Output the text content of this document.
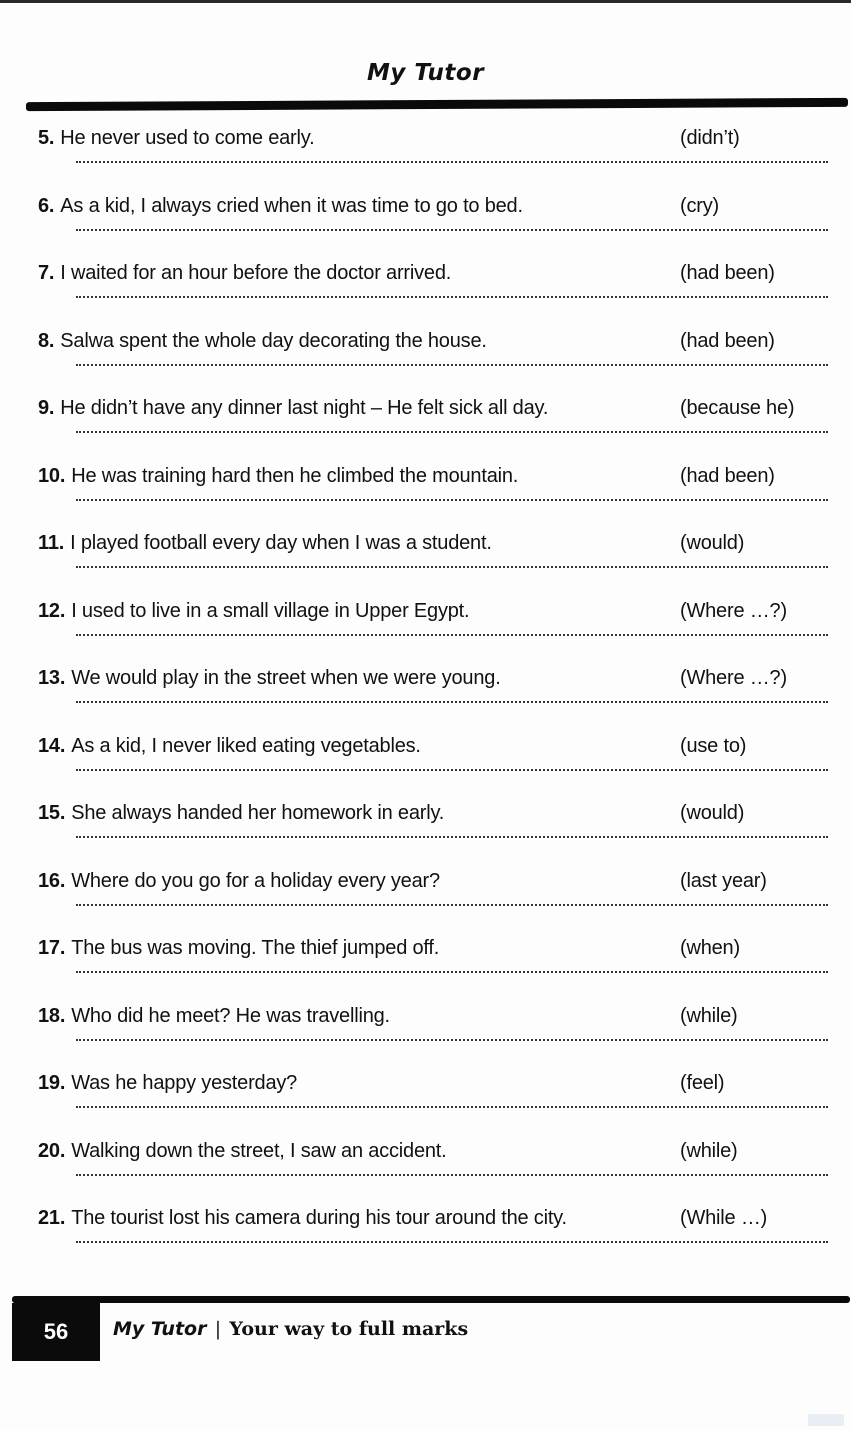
My Tutor
5. He never used to come early.	(didn’t)
6. As a kid, I always cried when it was time to go to bed.	(cry)
7. I waited for an hour before the doctor arrived.	(had been)
8. Salwa spent the whole day decorating the house.	(had been)
9. He didn’t have any dinner last night – He felt sick all day.	(because he)
10. He was training hard then he climbed the mountain.	(had been)
11. I played football every day when I was a student.	(would)
12. I used to live in a small village in Upper Egypt.	(Where …?)
13. We would play in the street when we were young.	(Where …?)
14. As a kid, I never liked eating vegetables.	(use to)
15. She always handed her homework in early.	(would)
16. Where do you go for a holiday every year?	(last year)
17. The bus was moving. The thief jumped off.	(when)
18. Who did he meet? He was travelling.	(while)
19. Was he happy yesterday?	(feel)
20. Walking down the street, I saw an accident.	(while)
21. The tourist lost his camera during his tour around the city.	(While …)
56	My Tutor | Your way to full marks
